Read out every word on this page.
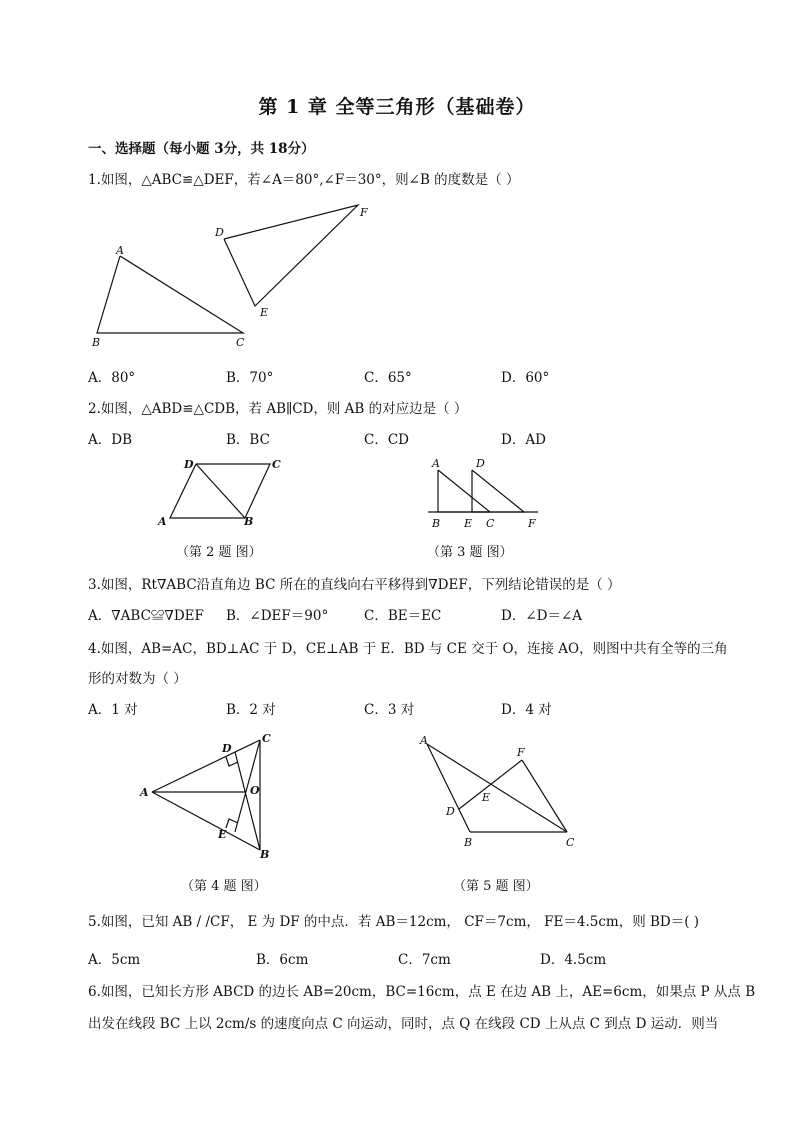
第 1 章 全等三角形（基础卷）
一、选择题（每小题 3分，共 18分）
1.如图，△ABC≌△DEF，若∠A＝80°,∠F＝30°，则∠B 的度数是（ ）
A
B	C
D
E
F
A．80°	B．70°	C．65°	D．60°
2.如图，△ABD≌△CDB，若 AB∥CD，则 AB 的对应边是（ ）
A．DB	B．BC	C．CD	D．AD
D	C
A	B
A	D
B E C	F
（第 2 题 图）	（第 3 题 图）
3.如图，Rt∇ABC沿直角边 BC 所在的直线向右平移得到∇DEF，下列结论错误的是（ ）
A．∇ABC≌∇DEF B．∠DEF＝90°	C．BE＝EC	D．∠D＝∠A
4.如图，AB=AC，BD⊥AC 于 D，CE⊥AB 于 E．BD 与 CE 交于 O，连接 AO，则图中共有全等的三角
形的对数为（ ）
A．1 对	B．2 对	C．3 对	D．4 对
A
C
D
O
E
B
A
F
E
D
B	C
（第 4 题 图）	（第 5 题 图）
5.如图，已知 AB / /CF， E 为 DF 的中点．若 AB＝12cm， CF＝7cm， FE＝4.5cm，则 BD＝( )
A．5cm	B．6cm	C．7cm	D．4.5cm
6.如图，已知长方形 ABCD 的边长 AB=20cm，BC=16cm，点 E 在边 AB 上，AE=6cm，如果点 P 从点 B
出发在线段 BC 上以 2cm/s 的速度向点 C 向运动，同时，点 Q 在线段 CD 上从点 C 到点 D 运动．则当
